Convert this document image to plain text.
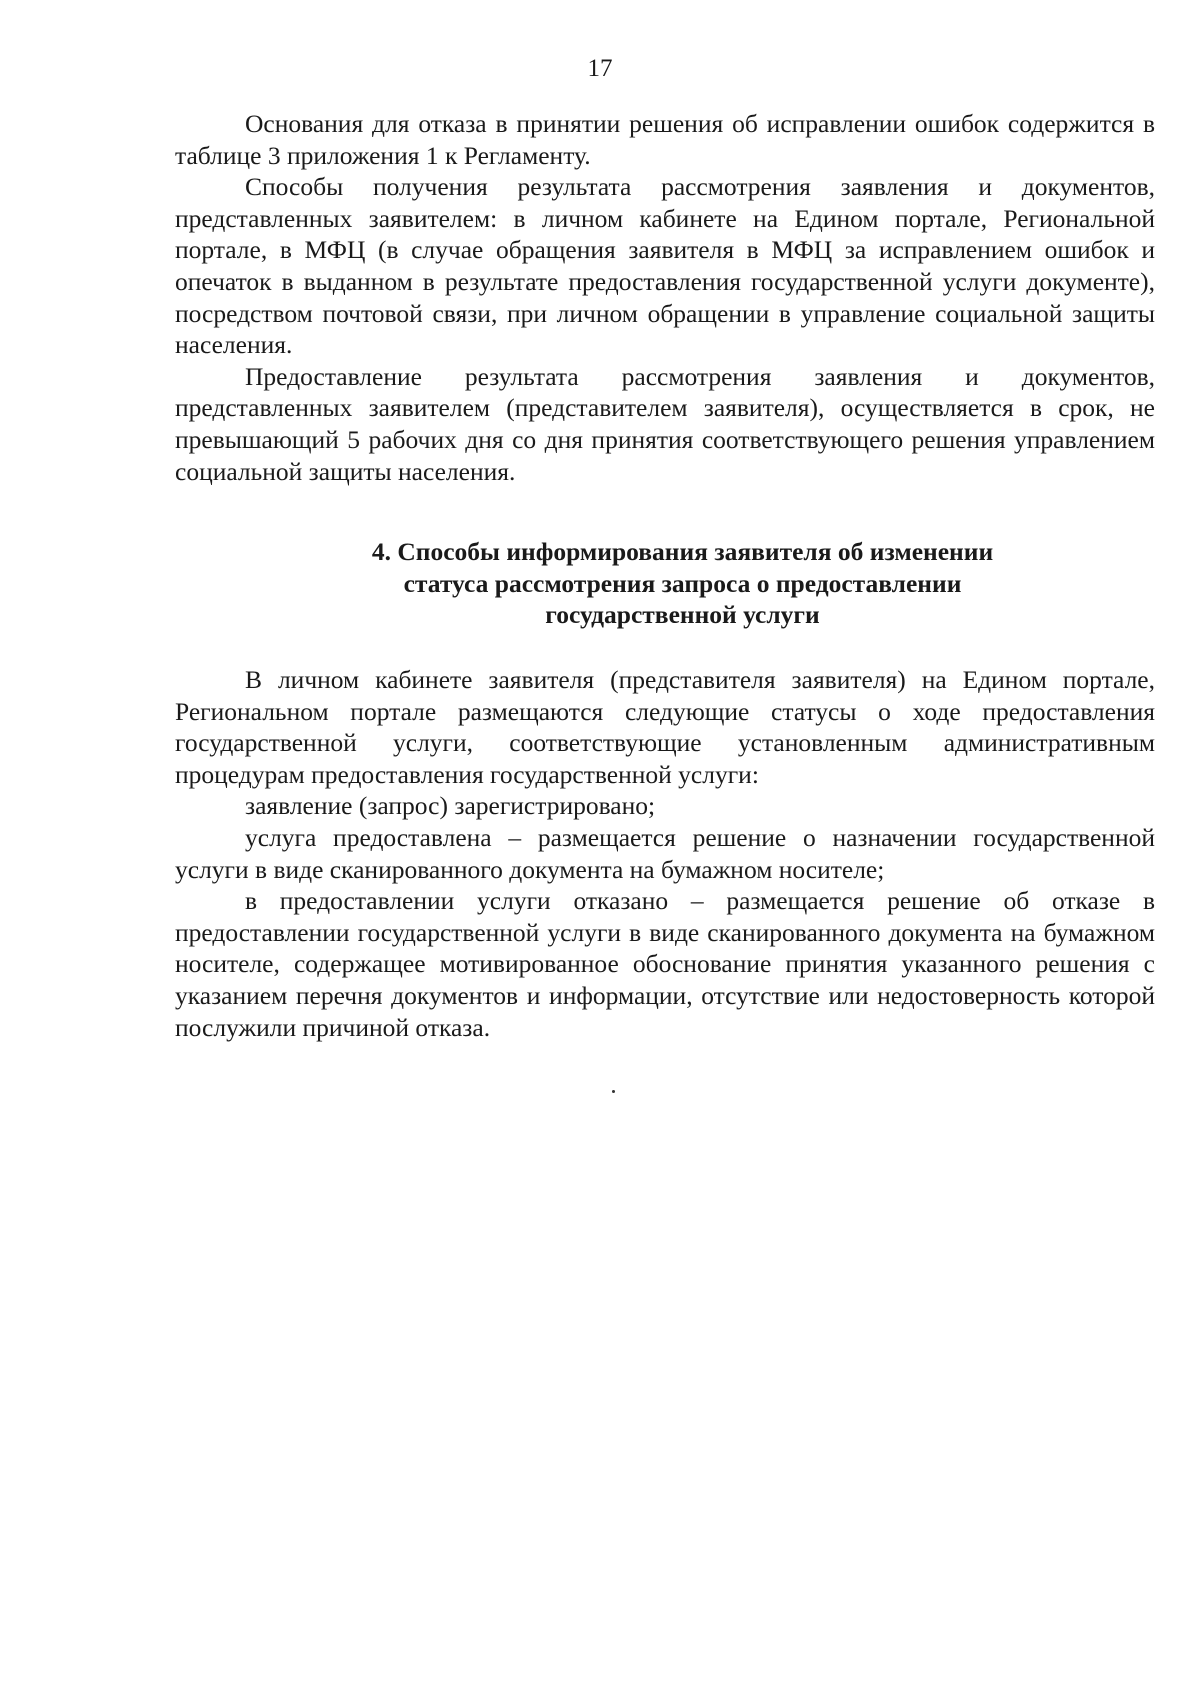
17

Основания для отказа в принятии решения об исправлении ошибок содержится в таблице 3 приложения 1 к Регламенту.

Способы получения результата рассмотрения заявления и документов, представленных заявителем: в личном кабинете на Едином портале, Региональной портале, в МФЦ (в случае обращения заявителя в МФЦ за исправлением ошибок и опечаток в выданном в результате предоставления государственной услуги документе), посредством почтовой связи, при личном обращении в управление социальной защиты населения.

Предоставление результата рассмотрения заявления и документов, представленных заявителем (представителем заявителя), осуществляется в срок, не превышающий 5 рабочих дня со дня принятия соответствующего решения управлением социальной защиты населения.

4. Способы информирования заявителя об изменении
статуса рассмотрения запроса о предоставлении
государственной услуги

В личном кабинете заявителя (представителя заявителя) на Едином портале, Региональном портале размещаются следующие статусы о ходе предоставления государственной услуги, соответствующие установленным административным процедурам предоставления государственной услуги:

заявление (запрос) зарегистрировано;

услуга предоставлена – размещается решение о назначении государственной услуги в виде сканированного документа на бумажном носителе;

в предоставлении услуги отказано – размещается решение об отказе в предоставлении государственной услуги в виде сканированного документа на бумажном носителе, содержащее мотивированное обоснование принятия указанного решения с указанием перечня документов и информации, отсутствие или недостоверность которой послужили причиной отказа.
